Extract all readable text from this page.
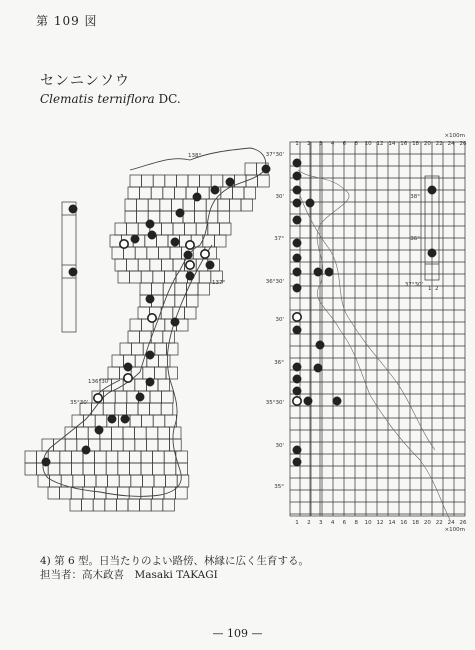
第 109 図
センニンソウ
Clematis terniflora DC.
37°30'
30'
37°
36°30'
30'
36°
35°30'
30'
35°
138°
137°
136°30'
35°30'
38°
36°
37°30'
1 2
×100m
×100m
1 2 3 4 6 8 10 12 14 16 18 20 22 24 26
1 2 3 4 6 8 10 12 14 16 18 20 22 24 26
4) 第 6 型。日当たりのよい路傍、林縁に広く生育する。
担当者：高木政喜　Masaki TAKAGI
— 109 —
